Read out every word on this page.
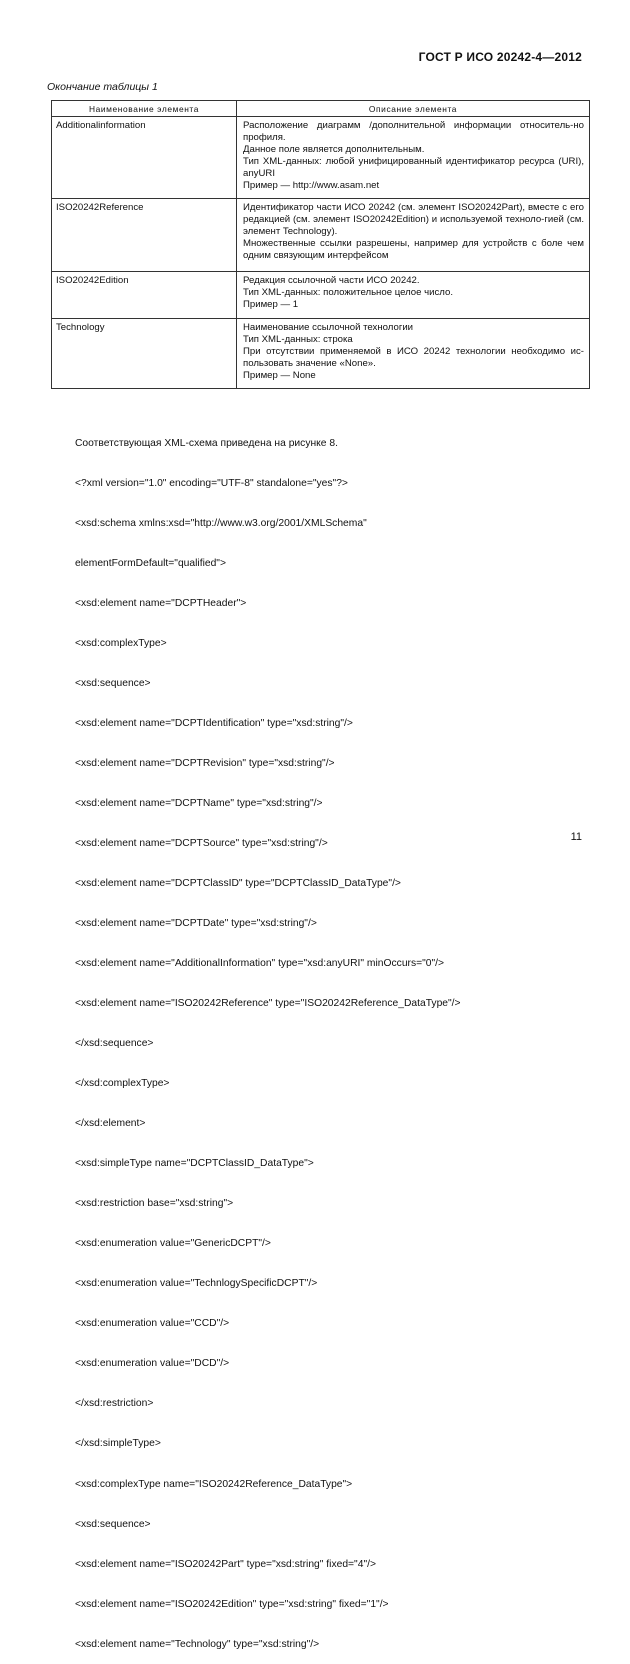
ГОСТ Р ИСО 20242-4—2012
Окончание таблицы 1
Наименование элемента	Описание элемента
Additionalinformation	Расположение диаграмм /дополнительной информации относитель-но профиля.
Данное поле является дополнительным.
Тип XML-данных: любой унифицированный идентификатор ресурса (URI), anyURI
Пример — http://www.asam.net

ISO20242Reference	Идентификатор части ИСО 20242 (см. элемент ISO20242Part), вместе с его редакцией (см. элемент ISO20242Edition) и используемой техноло-гией (см. элемент Technology).
Множественные ссылки разрешены, например для устройств с боле чем одним связующим интерфейсом

ISO20242Edition	Редакция ссылочной части ИСО 20242.
Тип XML-данных: положительное целое число.
Пример — 1

Technology	Наименование ссылочной технологии
Тип XML-данных: строка
При отсутствии применяемой в ИСО 20242 технологии необходимо ис-пользовать значение «None».
Пример — None

Соответствующая XML-схема приведена на рисунке 8.

<?xml version="1.0" encoding="UTF-8" standalone="yes"?>

<xsd:schema xmlns:xsd="http://www.w3.org/2001/XMLSchema"

elementFormDefault="qualified">

<xsd:element name="DCPTHeader">

<xsd:complexType>

<xsd:sequence>

<xsd:element name="DCPTIdentification" type="xsd:string"/>

<xsd:element name="DCPTRevision" type="xsd:string"/>

<xsd:element name="DCPTName" type="xsd:string"/>

<xsd:element name="DCPTSource" type="xsd:string"/>

<xsd:element name="DCPTClassID" type="DCPTClassID_DataType"/>

<xsd:element name="DCPTDate" type="xsd:string"/>

<xsd:element name="AdditionalInformation" type="xsd:anyURI" minOccurs="0"/>

<xsd:element name="ISO20242Reference" type="ISO20242Reference_DataType"/>

</xsd:sequence>

</xsd:complexType>

</xsd:element>

<xsd:simpleType name="DCPTClassID_DataType">

<xsd:restriction base="xsd:string">

<xsd:enumeration value="GenericDCPT"/>

<xsd:enumeration value="TechnlogySpecificDCPT"/>

<xsd:enumeration value="CCD"/>

<xsd:enumeration value="DCD"/>

</xsd:restriction>

</xsd:simpleType>

<xsd:complexType name="ISO20242Reference_DataType">

<xsd:sequence>

<xsd:element name="ISO20242Part" type="xsd:string" fixed="4"/>

<xsd:element name="ISO20242Edition" type="xsd:string" fixed="1"/>

<xsd:element name="Technology" type="xsd:string"/>

11
